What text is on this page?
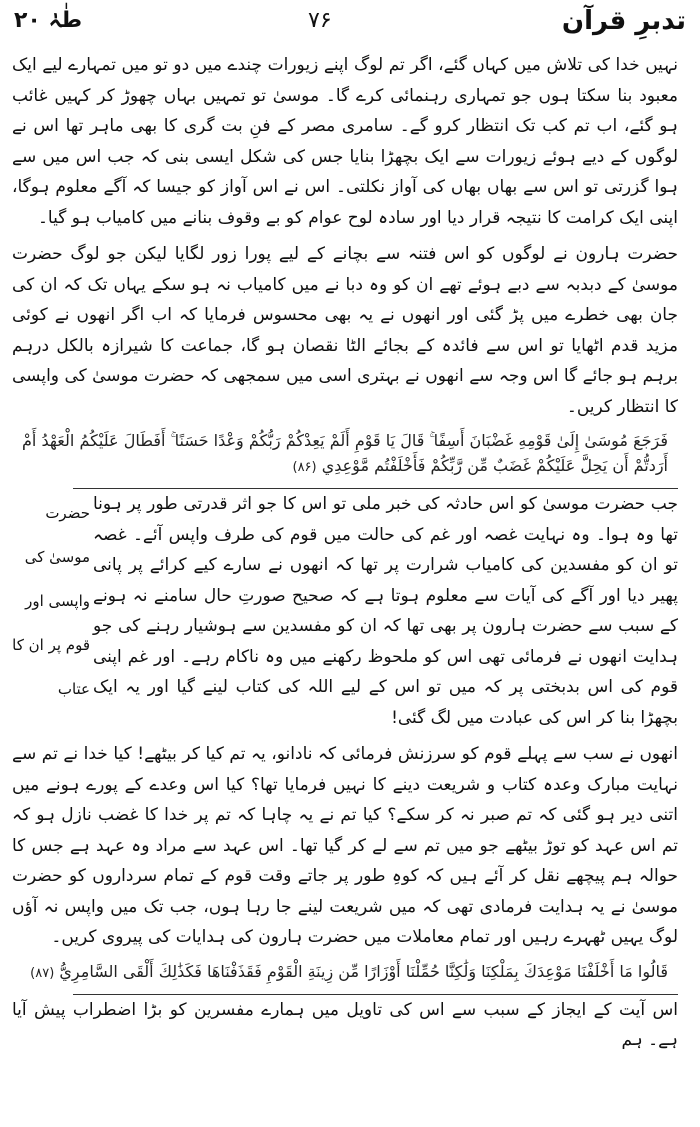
طٰہٰ ۲۰	۷۶	تدبرِ قرآن

نہیں خدا کی تلاش میں کہاں گئے، اگر تم لوگ اپنے زیورات چندے میں دو تو میں تمہارے لیے ایک معبود بنا سکتا ہوں جو تمہاری رہنمائی کرے گا۔ موسیٰ تو تمہیں بہاں چھوڑ کر کہیں غائب ہو گئے، اب تم کب تک انتظار کرو گے۔ سامری مصر کے فنِ بت گری کا بھی ماہر تھا اس نے لوگوں کے دیے ہوئے زیورات سے ایک بچھڑا بنایا جس کی شکل ایسی بنی کہ جب اس میں سے ہوا گزرتی تو اس سے بھاں بھاں کی آواز نکلتی۔ اس نے اس آواز کو جیسا کہ آگے معلوم ہوگا، اپنی ایک کرامت کا نتیجہ قرار دیا اور سادہ لوح عوام کو بے وقوف بنانے میں کامیاب ہو گیا۔

حضرت ہارون نے لوگوں کو اس فتنہ سے بچانے کے لیے پورا زور لگایا لیکن جو لوگ حضرت موسیٰ کے دبدبہ سے دبے ہوئے تھے ان کو وہ دبا نے میں کامیاب نہ ہو سکے یہاں تک کہ ان کی جان بھی خطرے میں پڑ گئی اور انھوں نے یہ بھی محسوس فرمایا کہ اب اگر انھوں نے کوئی مزید قدم اٹھایا تو اس سے فائدہ کے بجائے الٹا نقصان ہو گا، جماعت کا شیرازہ بالکل درہم برہم ہو جائے گا اس وجہ سے انھوں نے بہتری اسی میں سمجھی کہ حضرت موسیٰ کی واپسی کا انتظار کریں۔

فَرَجَعَ مُوسَىٰ إِلَىٰ قَوْمِهِ غَضْبَانَ أَسِفًا ۚ قَالَ يَا قَوْمِ أَلَمْ يَعِدْكُمْ رَبُّكُمْ وَعْدًا حَسَنًا ۚ أَفَطَالَ عَلَيْكُمُ الْعَهْدُ أَمْ أَرَدتُّمْ أَن يَحِلَّ عَلَيْكُمْ غَضَبٌ مِّن رَّبِّكُمْ فَأَخْلَفْتُم مَّوْعِدِي (۸۶)
حضرت موسیٰ کی واپسی اور قوم پر ان کا عتاب

جب حضرت موسیٰ کو اس حادثہ کی خبر ملی تو اس کا جو اثر قدرتی طور پر ہونا تھا وہ ہوا۔ وہ نہایت غصہ اور غم کی حالت میں قوم کی طرف واپس آئے۔ غصہ تو ان کو مفسدین کی کامیاب شرارت پر تھا کہ انھوں نے سارے کیے کرائے پر پانی پھیر دیا اور آگے کی آیات سے معلوم ہوتا ہے کہ صحیح صورتِ حال سامنے نہ ہونے کے سبب سے حضرت ہارون پر بھی تھا کہ ان کو مفسدین سے ہوشیار رہنے کی جو ہدایت انھوں نے فرمائی تھی اس کو ملحوظ رکھنے میں وہ ناکام رہے۔ اور غم اپنی قوم کی اس بدبختی پر کہ میں تو اس کے لیے اللہ کی کتاب لینے گیا اور یہ ایک بچھڑا بنا کر اس کی عبادت میں لگ گئی!

انھوں نے سب سے پہلے قوم کو سرزنش فرمائی کہ نادانو، یہ تم کیا کر بیٹھے! کیا خدا نے تم سے نہایت مبارک وعدہ کتاب و شریعت دینے کا نہیں فرمایا تھا؟ کیا اس وعدے کے پورے ہونے میں اتنی دیر ہو گئی کہ تم صبر نہ کر سکے؟ کیا تم نے یہ چاہا کہ تم پر خدا کا غضب نازل ہو کہ تم اس عہد کو توڑ بیٹھے جو میں تم سے لے کر گیا تھا۔ اس عہد سے مراد وہ عہد ہے جس کا حوالہ ہم پیچھے نقل کر آئے ہیں کہ کوہِ طور پر جاتے وقت قوم کے تمام سرداروں کو حضرت موسیٰ نے یہ ہدایت فرمادی تھی کہ میں شریعت لینے جا رہا ہوں، جب تک میں واپس نہ آؤں لوگ یہیں ٹھہرے رہیں اور تمام معاملات میں حضرت ہارون کی ہدایات کی پیروی کریں۔

قَالُوا مَا أَخْلَفْنَا مَوْعِدَكَ بِمَلْكِنَا وَلَٰكِنَّا حُمِّلْنَا أَوْزَارًا مِّن زِينَةِ الْقَوْمِ فَقَذَفْنَاهَا فَكَذَٰلِكَ أَلْقَى السَّامِرِيُّ (۸۷)

اس آیت کے ایجاز کے سبب سے اس کی تاویل میں ہمارے مفسرین کو بڑا اضطراب پیش آیا ہے۔ ہم
